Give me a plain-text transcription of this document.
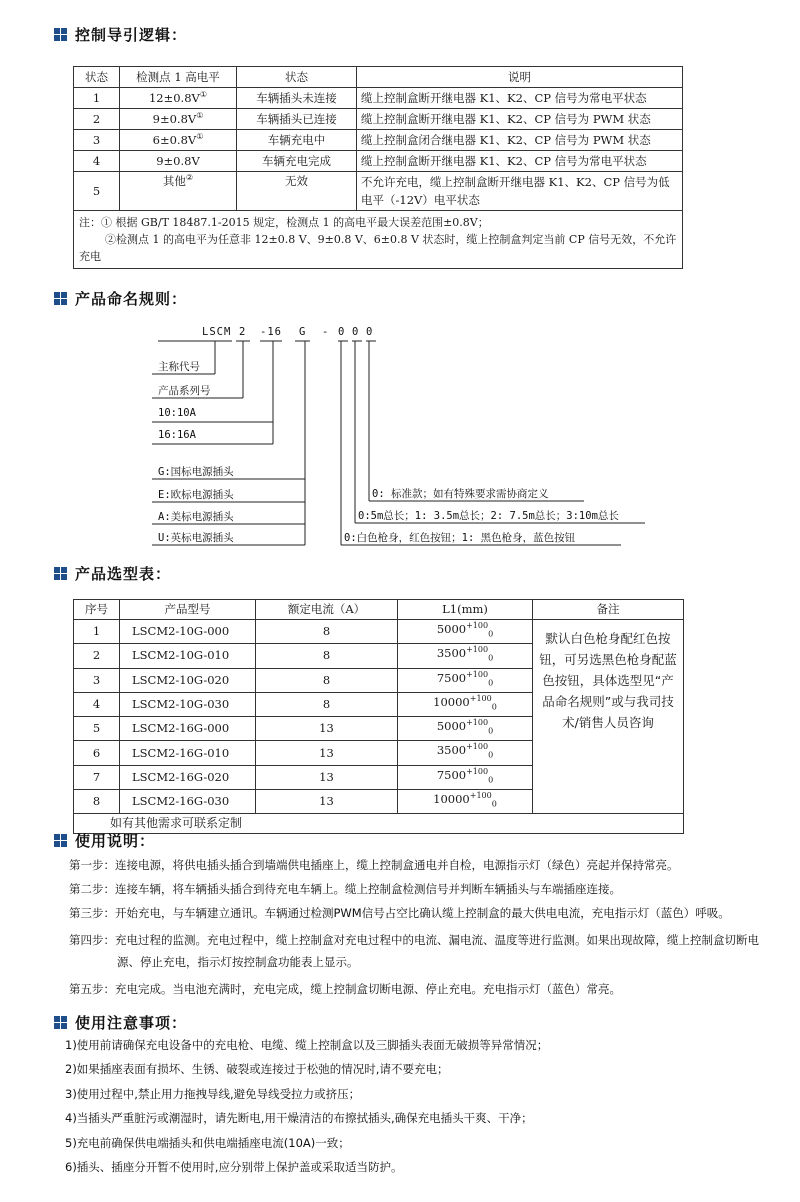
控制导引逻辑：
状态	检测点 1 高电平	状态	说明
1	12±0.8V①	车辆插头未连接	缆上控制盒断开继电器 K1、K2、CP 信号为常电平状态
2	9±0.8V①	车辆插头已连接	缆上控制盒断开继电器 K1、K2、CP 信号为 PWM 状态
3	6±0.8V①	车辆充电中	缆上控制盒闭合继电器 K1、K2、CP 信号为 PWM 状态
4	9±0.8V	车辆充电完成	缆上控制盒断开继电器 K1、K2、CP 信号为常电平状态
5	其他②	无效	不允许充电，缆上控制盒断开继电器 K1、K2、CP 信号为低电平（-12V）电平状态

注：① 根据 GB/T 18487.1-2015 规定，检测点 1 的高电平最大误差范围±0.8V；
②检测点 1 的高电平为任意非 12±0.8 V、9±0.8 V、6±0.8 V 状态时，缆上控制盒判定当前 CP 信号无效，不允许充电			
产品命名规则：
LSCM 2 -16 G - 0 0 0
主称代号
产品系列号
10:10A
16:16A
G:国标电源插头
E:欧标电源插头
A:美标电源插头
U:英标电源插头
0: 标准款；如有特殊要求需协商定义
0:5m总长；1: 3.5m总长；2: 7.5m总长；3:10m总长
0:白色枪身，红色按钮；1: 黑色枪身，蓝色按钮
产品选型表：
序号	产品型号	额定电流（A）	L1(mm)	备注
1	LSCM2-10G-000	8	$5000^{+100}_0$	默认白色枪身配红色按钮，可另选黑色枪身配蓝色按钮，具体选型见“产品命名规则”或与我司技术/销售人员咨询
2	LSCM2-10G-010	8	$3500^{+100}_0$
3	LSCM2-10G-020	8	$7500^{+100}_0$
4	LSCM2-10G-030	8	$10000^{+100}_0$
5	LSCM2-16G-000	13	$5000^{+100}_0$
6	LSCM2-16G-010	13	$3500^{+100}_0$
7	LSCM2-16G-020	13	$7500^{+100}_0$
8	LSCM2-16G-030	13	$10000^{+100}_0$
如有其他需求可联系定制				
使用说明：
第一步：连接电源，将供电插头插合到墙端供电插座上，缆上控制盒通电并自检，电源指示灯（绿色）亮起并保持常亮。
第二步：连接车辆，将车辆插头插合到待充电车辆上。缆上控制盒检测信号并判断车辆插头与车端插座连接。
第三步：开始充电，与车辆建立通讯。车辆通过检测PWM信号占空比确认缆上控制盒的最大供电电流，充电指示灯（蓝色）呼吸。
第四步：充电过程的监测。充电过程中，缆上控制盒对充电过程中的电流、漏电流、温度等进行监测。如果出现故障，缆上控制盒切断电源、停止充电，指示灯按控制盒功能表上显示。
第五步：充电完成。当电池充满时，充电完成，缆上控制盒切断电源、停止充电。充电指示灯（蓝色）常亮。
使用注意事项：
1)使用前请确保充电设备中的充电枪、电缆、缆上控制盒以及三脚插头表面无破损等异常情况；
2)如果插座表面有损坏、生锈、破裂或连接过于松弛的情况时,请不要充电；
3)使用过程中,禁止用力拖拽导线,避免导线受拉力或挤压；
4)当插头严重脏污或潮湿时，请先断电,用干燥清洁的布擦拭插头,确保充电插头干爽、干净；
5)充电前确保供电端插头和供电端插座电流(10A)一致；
6)插头、插座分开暂不使用时,应分别带上保护盖或采取适当防护。
